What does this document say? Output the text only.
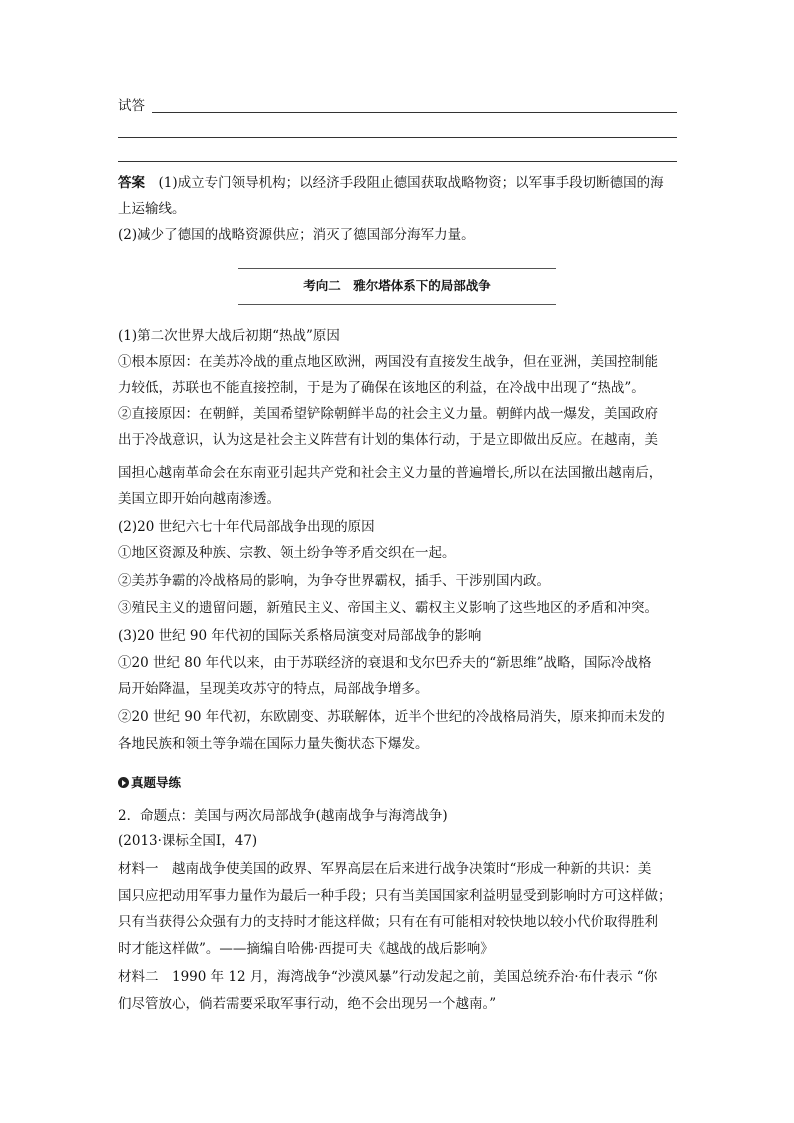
试答
答案　 (1)成立专门领导机构；以经济手段阻止德国获取战略物资；以军事手段切断德国的海
上运输线。
(2)减少了德国的战略资源供应；消灭了德国部分海军力量。
考向二　雅尔塔体系下的局部战争
(1)第二次世界大战后初期“热战”原因
①根本原因：在美苏冷战的重点地区欧洲，两国没有直接发生战争，但在亚洲，美国控制能
力较低，苏联也不能直接控制，于是为了确保在该地区的利益，在冷战中出现了“热战”。
②直接原因：在朝鲜，美国希望铲除朝鲜半岛的社会主义力量。朝鲜内战一爆发，美国政府
出于冷战意识，认为这是社会主义阵营有计划的集体行动，于是立即做出反应。在越南，美
国担心越南革命会在东南亚引起共产党和社会主义力量的普遍增长,所以在法国撤出越南后，
美国立即开始向越南渗透。
(2)20 世纪六七十年代局部战争出现的原因
①地区资源及种族、宗教、领土纷争等矛盾交织在一起。
②美苏争霸的冷战格局的影响，为争夺世界霸权，插手、干涉别国内政。
③殖民主义的遗留问题，新殖民主义、帝国主义、霸权主义影响了这些地区的矛盾和冲突。
(3)20 世纪 90 年代初的国际关系格局演变对局部战争的影响
①20 世纪 80 年代以来，由于苏联经济的衰退和戈尔巴乔夫的“新思维”战略，国际冷战格
局开始降温，呈现美攻苏守的特点，局部战争增多。
②20 世纪 90 年代初，东欧剧变、苏联解体，近半个世纪的冷战格局消失，原来抑而未发的
各地民族和领土等争端在国际力量失衡状态下爆发。
真题导练
2．命题点：美国与两次局部战争(越南战争与海湾战争)
(2013·课标全国Ⅰ，47)
材料一　越南战争使美国的政界、军界高层在后来进行战争决策时“形成一种新的共识：美
国只应把动用军事力量作为最后一种手段；只有当美国国家利益明显受到影响时方可这样做；
只有当获得公众强有力的支持时才能这样做；只有在有可能相对较快地以较小代价取得胜利
时才能这样做”。——摘编自哈佛·西提可夫《越战的战后影响》
材料二　1990 年 12 月，海湾战争“沙漠风暴”行动发起之前，美国总统乔治·布什表示 “你
们尽管放心，倘若需要采取军事行动，绝不会出现另一个越南。”
